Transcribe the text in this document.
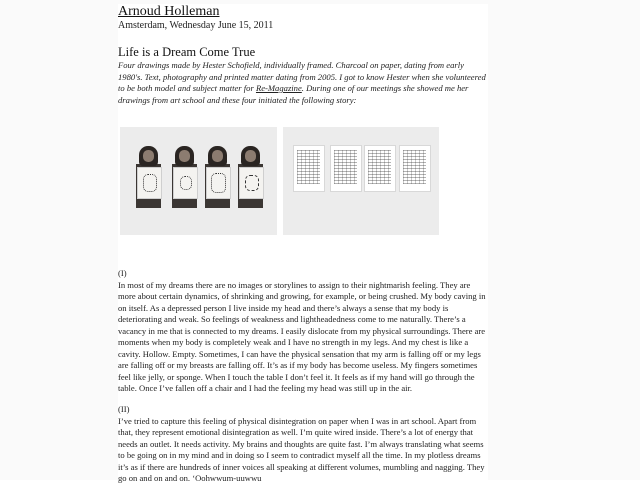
Arnoud Holleman
Amsterdam, Wednesday June 15, 2011
Life is a Dream Come True
Four drawings made by Hester Schofield, individually framed. Charcoal on paper, dating from early 1980's. Text, photography and printed matter dating from 2005. I got to know Hester when she volunteered to be both model and subject matter for Re-Magazine. During one of our meetings she showed me her drawings from art school and these four initiated the following story:
(I)
In most of my dreams there are no images or storylines to assign to their nightmarish feeling. They are more about certain dynamics, of shrinking and growing, for example, or being crushed. My body caving in on itself. As a depressed person I live inside my head and there’s always a sense that my body is deteriorating and weak. So feelings of weakness and lightheadedness come to me naturally. There’s a vacancy in me that is connected to my dreams. I easily dislocate from my physical surroundings. There are moments when my body is completely weak and I have no strength in my legs. And my chest is like a cavity. Hollow. Empty. Sometimes, I can have the physical sensation that my arm is falling off or my legs are falling off or my breasts are falling off. It’s as if my body has become useless. My fingers sometimes feel like jelly, or sponge. When I touch the table I don’t feel it. It feels as if my hand will go through the table. Once I’ve fallen off a chair and I had the feeling my head was still up in the air.
(II)
I’ve tried to capture this feeling of physical disintegration on paper when I was in art school. Apart from that, they represent emotional disintegration as well. I’m quite wired inside. There’s a lot of energy that needs an outlet. It needs activity. My brains and thoughts are quite fast. I’m always translating what seems to be going on in my mind and in doing so I seem to contradict myself all the time. In my plotless dreams it’s as if there are hundreds of inner voices all speaking at different volumes, mumbling and nagging. They go on and on and on. ‘Oohwwum-uuwwu
